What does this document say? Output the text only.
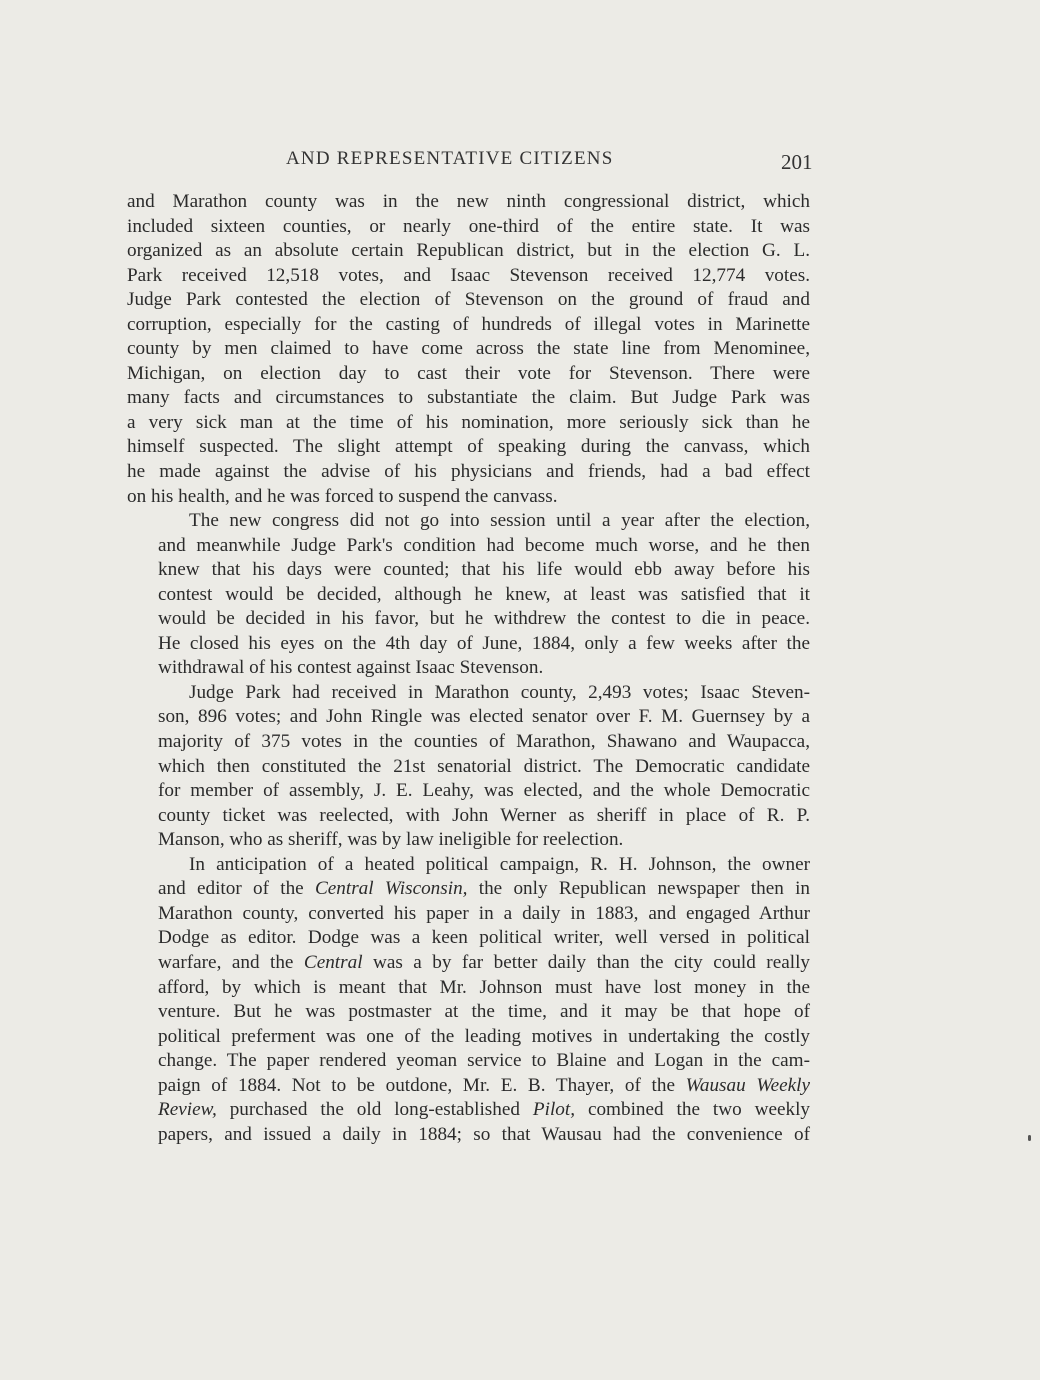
AND REPRESENTATIVE CITIZENS	201

and Marathon county was in the new ninth congressional district, which
included sixteen counties, or nearly one-third of the entire state. It was
organized as an absolute certain Republican district, but in the election G. L.
Park received 12,518 votes, and Isaac Stevenson received 12,774 votes.
Judge Park contested the election of Stevenson on the ground of fraud and
corruption, especially for the casting of hundreds of illegal votes in Marinette
county by men claimed to have come across the state line from Menominee,
Michigan, on election day to cast their vote for Stevenson. There were
many facts and circumstances to substantiate the claim. But Judge Park was
a very sick man at the time of his nomination, more seriously sick than he
himself suspected. The slight attempt of speaking during the canvass, which
he made against the advise of his physicians and friends, had a bad effect
on his health, and he was forced to suspend the canvass.

The new congress did not go into session until a year after the election,
and meanwhile Judge Park's condition had become much worse, and he then
knew that his days were counted; that his life would ebb away before his
contest would be decided, although he knew, at least was satisfied that it
would be decided in his favor, but he withdrew the contest to die in peace.
He closed his eyes on the 4th day of June, 1884, only a few weeks after the
withdrawal of his contest against Isaac Stevenson.

Judge Park had received in Marathon county, 2,493 votes; Isaac Steven-
son, 896 votes; and John Ringle was elected senator over F. M. Guernsey by a
majority of 375 votes in the counties of Marathon, Shawano and Waupacca,
which then constituted the 21st senatorial district. The Democratic candidate
for member of assembly, J. E. Leahy, was elected, and the whole Democratic
county ticket was reelected, with John Werner as sheriff in place of R. P.
Manson, who as sheriff, was by law ineligible for reelection.

In anticipation of a heated political campaign, R. H. Johnson, the owner
and editor of the Central Wisconsin, the only Republican newspaper then in
Marathon county, converted his paper in a daily in 1883, and engaged Arthur
Dodge as editor. Dodge was a keen political writer, well versed in political
warfare, and the Central was a by far better daily than the city could really
afford, by which is meant that Mr. Johnson must have lost money in the
venture. But he was postmaster at the time, and it may be that hope of
political preferment was one of the leading motives in undertaking the costly
change. The paper rendered yeoman service to Blaine and Logan in the cam-
paign of 1884. Not to be outdone, Mr. E. B. Thayer, of the Wausau Weekly
Review, purchased the old long-established Pilot, combined the two weekly
papers, and issued a daily in 1884; so that Wausau had the convenience of
